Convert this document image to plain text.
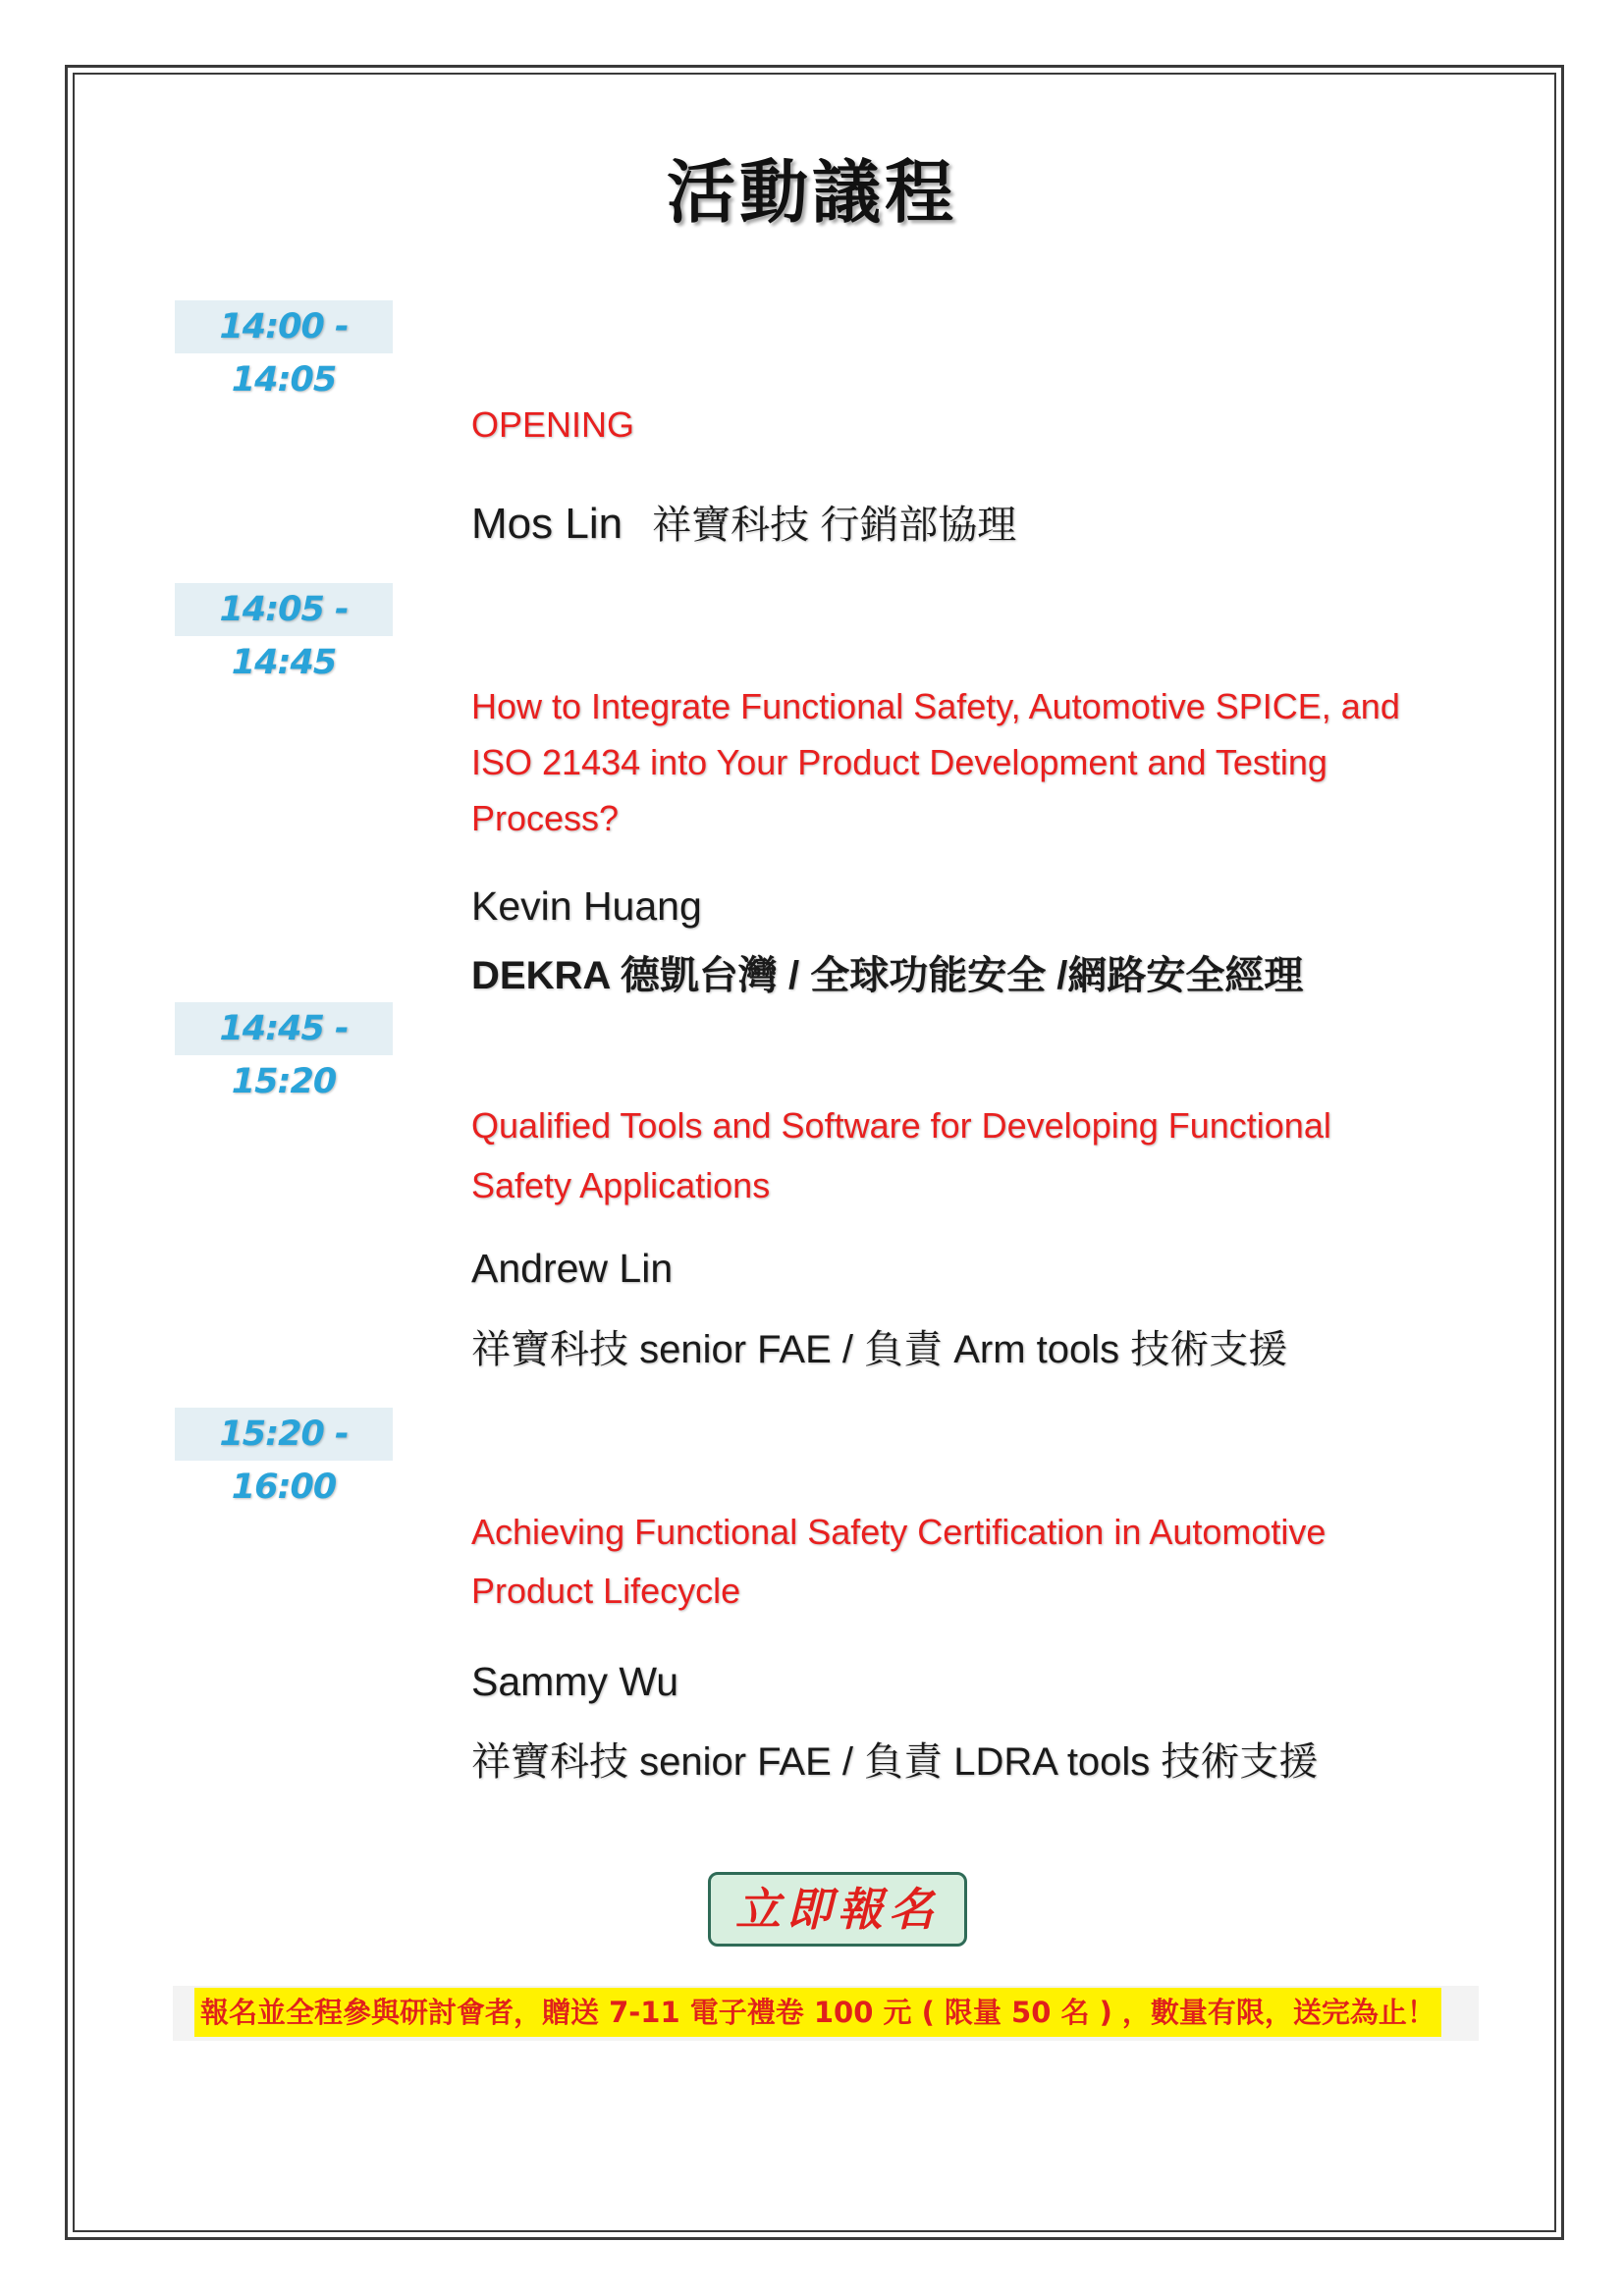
活動議程
14:00 - 14:05
OPENING
Mos Lin 祥寶科技 行銷部協理
14:05 - 14:45
How to Integrate Functional Safety, Automotive SPICE, and
ISO 21434 into Your Product Development and Testing
Process?
Kevin Huang
DEKRA 德凱台灣 / 全球功能安全 /網路安全經理
14:45 - 15:20
Qualified Tools and Software for Developing Functional
Safety Applications
Andrew Lin
祥寶科技 senior FAE / 負責 Arm tools 技術支援
15:20 - 16:00
Achieving Functional Safety Certification in Automotive
Product Lifecycle
Sammy Wu
祥寶科技 senior FAE / 負責 LDRA tools 技術支援
立即報名
報名並全程參與研討會者，贈送 7-11 電子禮卷 100 元 ( 限量 50 名 ) ，數量有限，送完為止！
